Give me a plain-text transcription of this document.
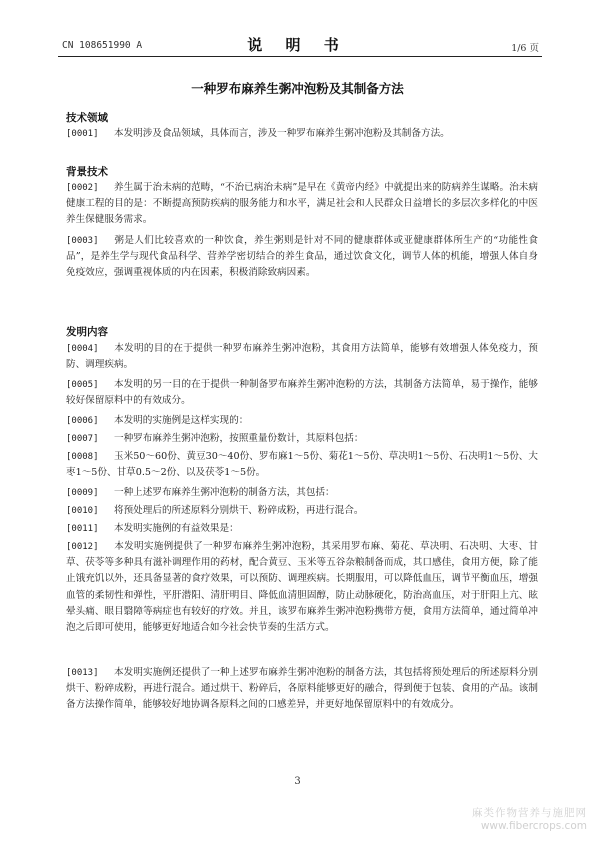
CN 108651990 A	说 明 书	1/6 页
一种罗布麻养生粥冲泡粉及其制备方法
技术领域
[0001] 本发明涉及食品领域，具体而言，涉及一种罗布麻养生粥冲泡粉及其制备方法。
背景技术
[0002] 养生属于治未病的范畴，“不治已病治未病”是早在《黄帝内经》中就提出来的防病养生谋略。治未病健康工程的目的是：不断提高预防疾病的服务能力和水平，满足社会和人民群众日益增长的多层次多样化的中医养生保健服务需求。
[0003] 粥是人们比较喜欢的一种饮食，养生粥则是针对不同的健康群体或亚健康群体所生产的“功能性食品”，是养生学与现代食品科学、营养学密切结合的养生食品，通过饮食文化，调节人体的机能，增强人体自身免疫效应，强调重视体质的内在因素，积极消除致病因素。
发明内容
[0004] 本发明的目的在于提供一种罗布麻养生粥冲泡粉，其食用方法简单，能够有效增强人体免疫力，预防、调理疾病。
[0005] 本发明的另一目的在于提供一种制备罗布麻养生粥冲泡粉的方法，其制备方法简单，易于操作，能够较好保留原料中的有效成分。
[0006] 本发明的实施例是这样实现的：
[0007] 一种罗布麻养生粥冲泡粉，按照重量份数计，其原料包括：
[0008] 玉米50～60份、黄豆30～40份、罗布麻1～5份、菊花1～5份、草决明1～5份、石决明1～5份、大枣1～5份、甘草0.5～2份、以及茯苓1～5份。
[0009] 一种上述罗布麻养生粥冲泡粉的制备方法，其包括：
[0010] 将预处理后的所述原料分别烘干、粉碎成粉，再进行混合。
[0011] 本发明实施例的有益效果是：
[0012] 本发明实施例提供了一种罗布麻养生粥冲泡粉，其采用罗布麻、菊花、草决明、石决明、大枣、甘草、茯苓等多种具有滋补调理作用的药材，配合黄豆、玉米等五谷杂粮制备而成，其口感佳，食用方便，除了能止饿充饥以外，还具备显著的食疗效果，可以预防、调理疾病。长期服用，可以降低血压，调节平衡血压，增强血管的柔韧性和弹性，平肝潜阳、清肝明目、降低血清胆固醇，防止动脉硬化，防治高血压，对于肝阳上亢、眩晕头痛、眼目翳障等病症也有较好的疗效。并且，该罗布麻养生粥冲泡粉携带方便，食用方法简单，通过简单冲泡之后即可使用，能够更好地适合如今社会快节奏的生活方式。
[0013] 本发明实施例还提供了一种上述罗布麻养生粥冲泡粉的制备方法，其包括将预处理后的所述原料分别烘干、粉碎成粉，再进行混合。通过烘干、粉碎后，各原料能够更好的融合，得到便于包装、食用的产品。该制备方法操作简单，能够较好地协调各原料之间的口感差异，并更好地保留原料中的有效成分。
3
麻类作物营养与施肥网
www.fibercrops.com
